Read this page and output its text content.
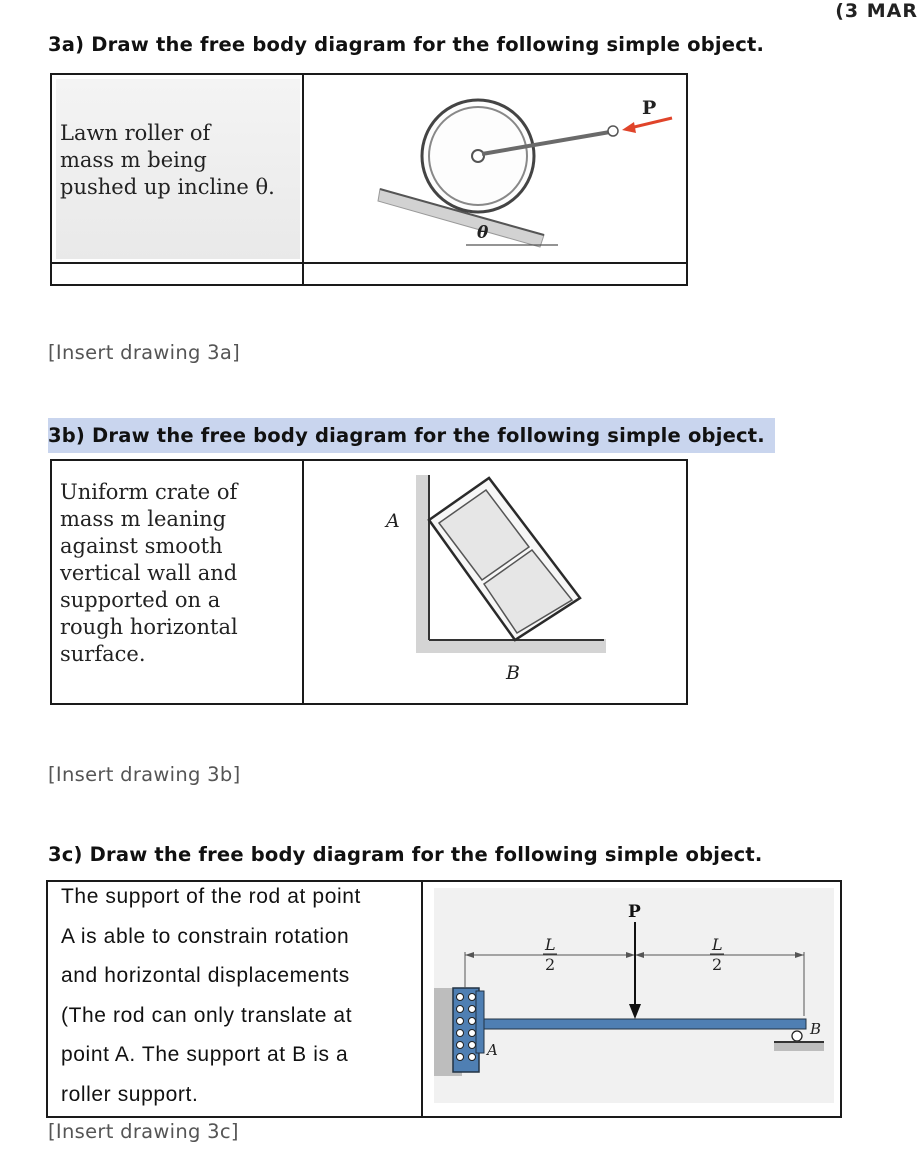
(3 MAR
3a) Draw the free body diagram for the following simple object.
Lawn roller of
mass m being
pushed up incline θ.
P
θ
[Insert drawing 3a]
3b) Draw the free body diagram for the following simple object.
Uniform crate of
mass m leaning
against smooth
vertical wall and
supported on a
rough horizontal
surface.
A
B
[Insert drawing 3b]
3c) Draw the free body diagram for the following simple object.
The support of the rod at point
A is able to constrain rotation
and horizontal displacements
(The rod can only translate at
point A. The support at B is a
roller support.
P
L
2
L
2
A
B
[Insert drawing 3c]
